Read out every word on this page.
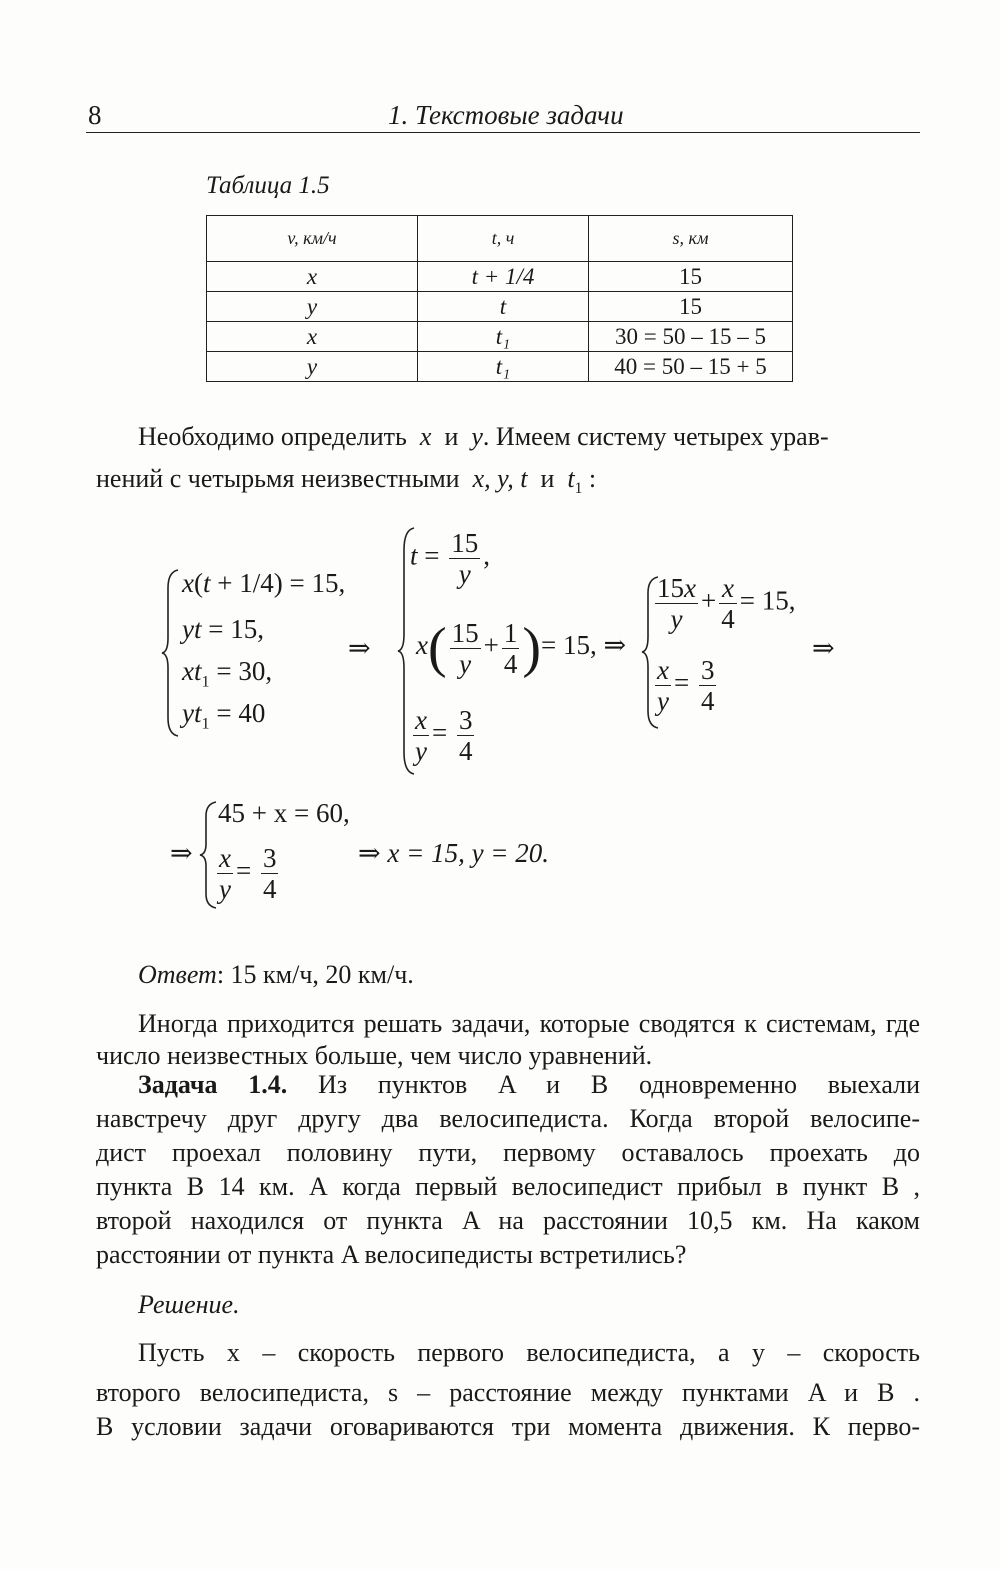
8	1. Текстовые задачи
Таблица 1.5
v, км/ч	t, ч	s, км
x	t + 1/4	15
y	t	15
x	t₁	30 = 50 – 15 – 5
y	t₁	40 = 50 – 15 + 5
Необходимо определить x и y. Имеем систему четырех урав-
нений с четырьмя неизвестными x, y, t и $t_1$ :
x(t + 1/4) = 15,
yt = 15,
$xt_1 = 30$,
$yt_1 = 40$
⇒
$t = \frac{15}{y}$ ,
$x( \frac{15}{y} + \frac{1}{4}$ )= 15, ⇒
$\frac{x}{y} = \frac{3}{4}$
$\frac{15x}{y} + \frac{x}{4} = 15$,
$\frac{x}{y} = \frac{3}{4}$
⇒
⇒
45 + x = 60,
$\frac{x}{y} = \frac{3}{4}$	⇒ x = 15, y = 20.
Ответ: 15 км/ч, 20 км/ч.
Иногда приходится решать задачи, которые сводятся к системам, где число неизвестных больше, чем число уравнений.
Задача 1.4. Из пунктов A и B одновременно выехали
навстречу друг другу два велосипедиста. Когда второй велосипе-
дист проехал половину пути, первому оставалось проехать до
пункта B 14 км. А когда первый велосипедист прибыл в пункт B ,
второй находился от пункта A на расстоянии 10,5 км. На каком
расстоянии от пункта A велосипедисты встретились?
Решение.
Пусть x – скорость первого велосипедиста, а y – скорость
второго велосипедиста, s – расстояние между пунктами A и B .
В условии задачи оговариваются три момента движения. К перво-
